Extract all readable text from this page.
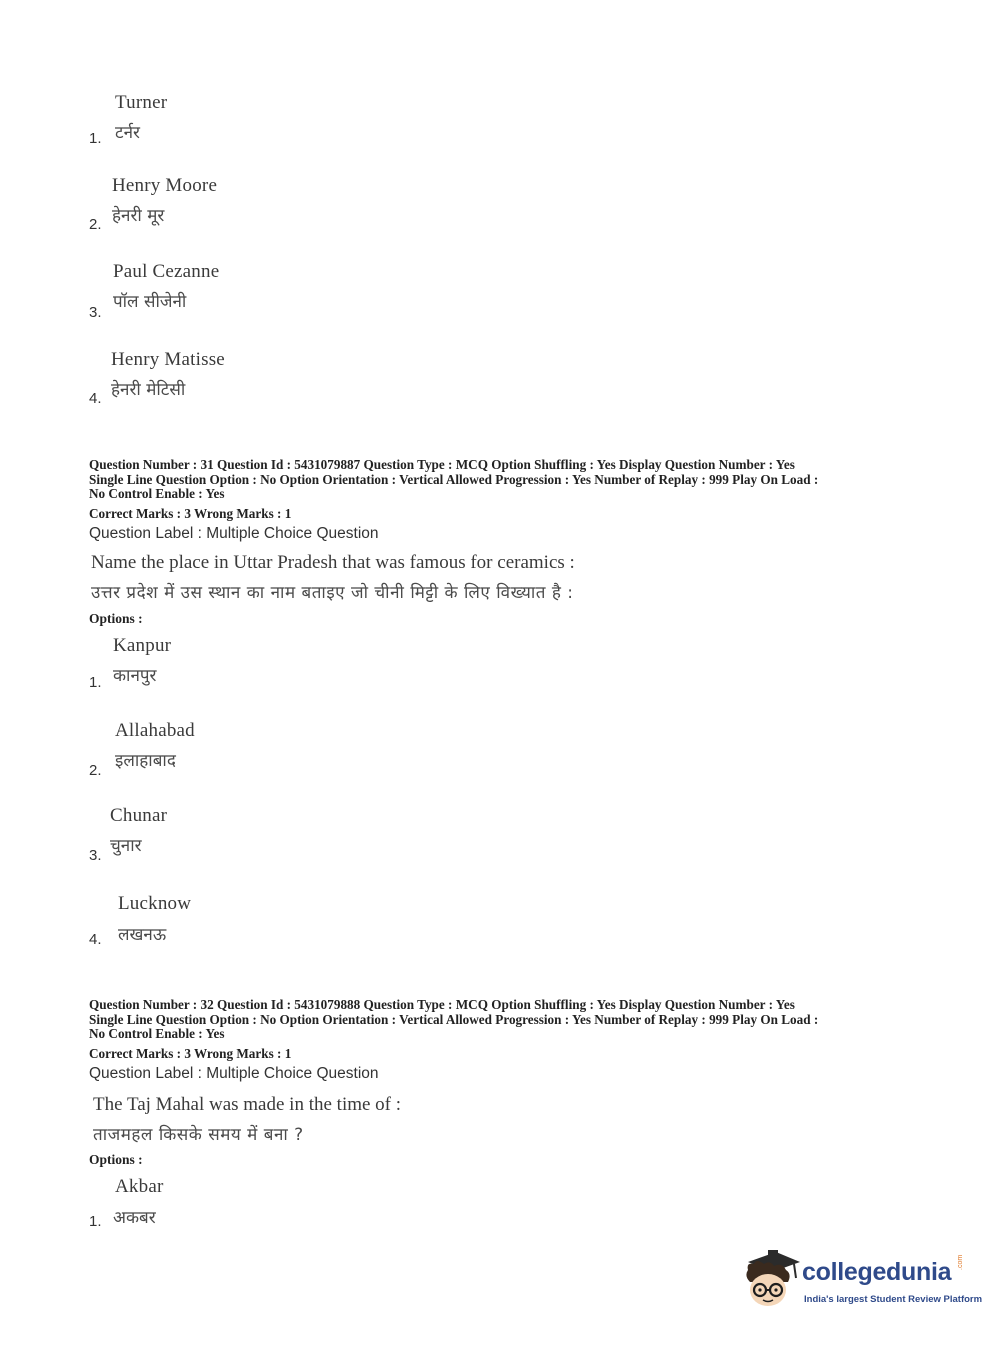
Turner
1. टर्नर
Henry Moore
2. हेनरी मूर
Paul Cezanne
3.
पॉल सीजेनी
Henry Matisse
4. हेनरी मेटिसी
Question Number : 31 Question Id : 5431079887 Question Type : MCQ Option Shuffling : Yes Display Question Number : Yes
Single Line Question Option : No Option Orientation : Vertical Allowed Progression : Yes Number of Replay : 999 Play On Load :
No Control Enable : Yes
Correct Marks : 3 Wrong Marks : 1
Question Label : Multiple Choice Question
Name the place in Uttar Pradesh that was famous for ceramics :
उत्तर प्रदेश में उस स्थान का नाम बताइए जो चीनी मिट्टी के लिए विख्यात है :
Options :
Kanpur
1. कानपुर
Allahabad
2. इलाहाबाद
Chunar
3. चुनार
Lucknow
4. लखनऊ
Question Number : 32 Question Id : 5431079888 Question Type : MCQ Option Shuffling : Yes Display Question Number : Yes
Single Line Question Option : No Option Orientation : Vertical Allowed Progression : Yes Number of Replay : 999 Play On Load :
No Control Enable : Yes
Correct Marks : 3 Wrong Marks : 1
Question Label : Multiple Choice Question
The Taj Mahal was made in the time of :
ताजमहल किसके समय में बना ?
Options :
Akbar
1. अकबर
collegedunia .com
India's largest Student Review Platform
